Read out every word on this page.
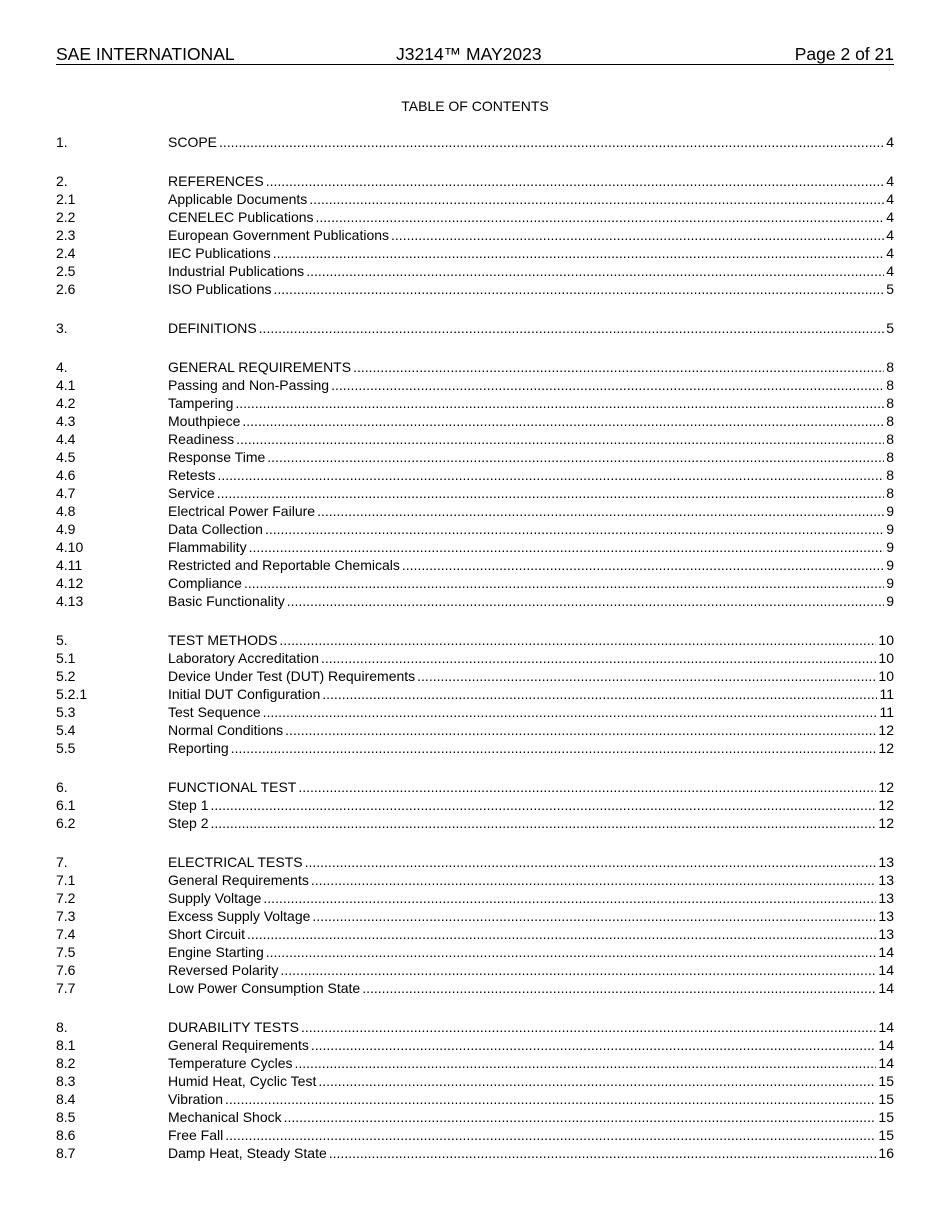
SAE INTERNATIONAL	J3214™ MAY2023	Page 2 of 21
TABLE OF CONTENTS
1.	SCOPE .....	4
2.	REFERENCES .....	4
2.1	Applicable Documents .....	4
2.2	CENELEC Publications .....	4
2.3	European Government Publications .....	4
2.4	IEC Publications .....	4
2.5	Industrial Publications .....	4
2.6	ISO Publications .....	5
3.	DEFINITIONS .....	5
4.	GENERAL REQUIREMENTS .....	8
4.1	Passing and Non-Passing .....	8
4.2	Tampering .....	8
4.3	Mouthpiece .....	8
4.4	Readiness .....	8
4.5	Response Time .....	8
4.6	Retests .....	8
4.7	Service .....	8
4.8	Electrical Power Failure .....	9
4.9	Data Collection .....	9
4.10	Flammability .....	9
4.11	Restricted and Reportable Chemicals .....	9
4.12	Compliance .....	9
4.13	Basic Functionality .....	9
5.	TEST METHODS .....	10
5.1	Laboratory Accreditation .....	10
5.2	Device Under Test (DUT) Requirements .....	10
5.2.1	Initial DUT Configuration .....	11
5.3	Test Sequence .....	11
5.4	Normal Conditions .....	12
5.5	Reporting .....	12
6.	FUNCTIONAL TEST .....	12
6.1	Step 1 .....	12
6.2	Step 2 .....	12
7.	ELECTRICAL TESTS .....	13
7.1	General Requirements .....	13
7.2	Supply Voltage .....	13
7.3	Excess Supply Voltage .....	13
7.4	Short Circuit .....	13
7.5	Engine Starting .....	14
7.6	Reversed Polarity .....	14
7.7	Low Power Consumption State .....	14
8.	DURABILITY TESTS .....	14
8.1	General Requirements .....	14
8.2	Temperature Cycles .....	14
8.3	Humid Heat, Cyclic Test .....	15
8.4	Vibration .....	15
8.5	Mechanical Shock .....	15
8.6	Free Fall .....	15
8.7	Damp Heat, Steady State .....	16
